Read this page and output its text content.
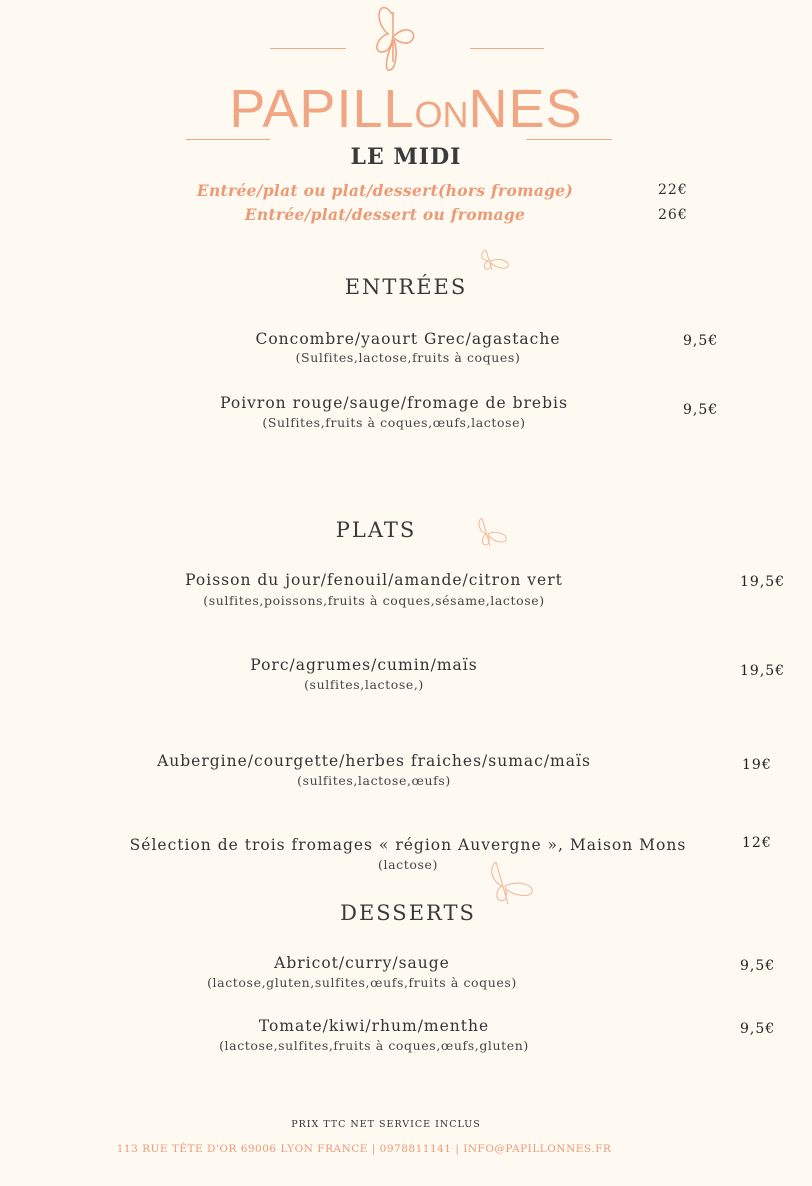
PAPILLONNES
LE MIDI
Entrée/plat ou plat/dessert(hors fromage)	22€
Entrée/plat/dessert ou fromage	26€
ENTRÉES
Concombre/yaourt Grec/agastache
(Sulfites,lactose,fruits à coques)
9,5€
Poivron rouge/sauge/fromage de brebis
(Sulfites,fruits à coques,œufs,lactose)
9,5€
PLATS
Poisson du jour/fenouil/amande/citron vert
(sulfites,poissons,fruits à coques,sésame,lactose)
19,5€
Porc/agrumes/cumin/maïs
(sulfites,lactose,)
19,5€
Aubergine/courgette/herbes fraiches/sumac/maïs
(sulfites,lactose,œufs)
19€
Sélection de trois fromages « région Auvergne », Maison Mons
(lactose)
12€
DESSERTS
Abricot/curry/sauge
(lactose,gluten,sulfites,œufs,fruits à coques)
9,5€
Tomate/kiwi/rhum/menthe
(lactose,sulfites,fruits à coques,œufs,gluten)
9,5€
PRIX TTC NET SERVICE INCLUS
113 RUE TÊTE D'OR 69006 LYON FRANCE | 0978811141 | INFO@PAPILLONNES.FR
